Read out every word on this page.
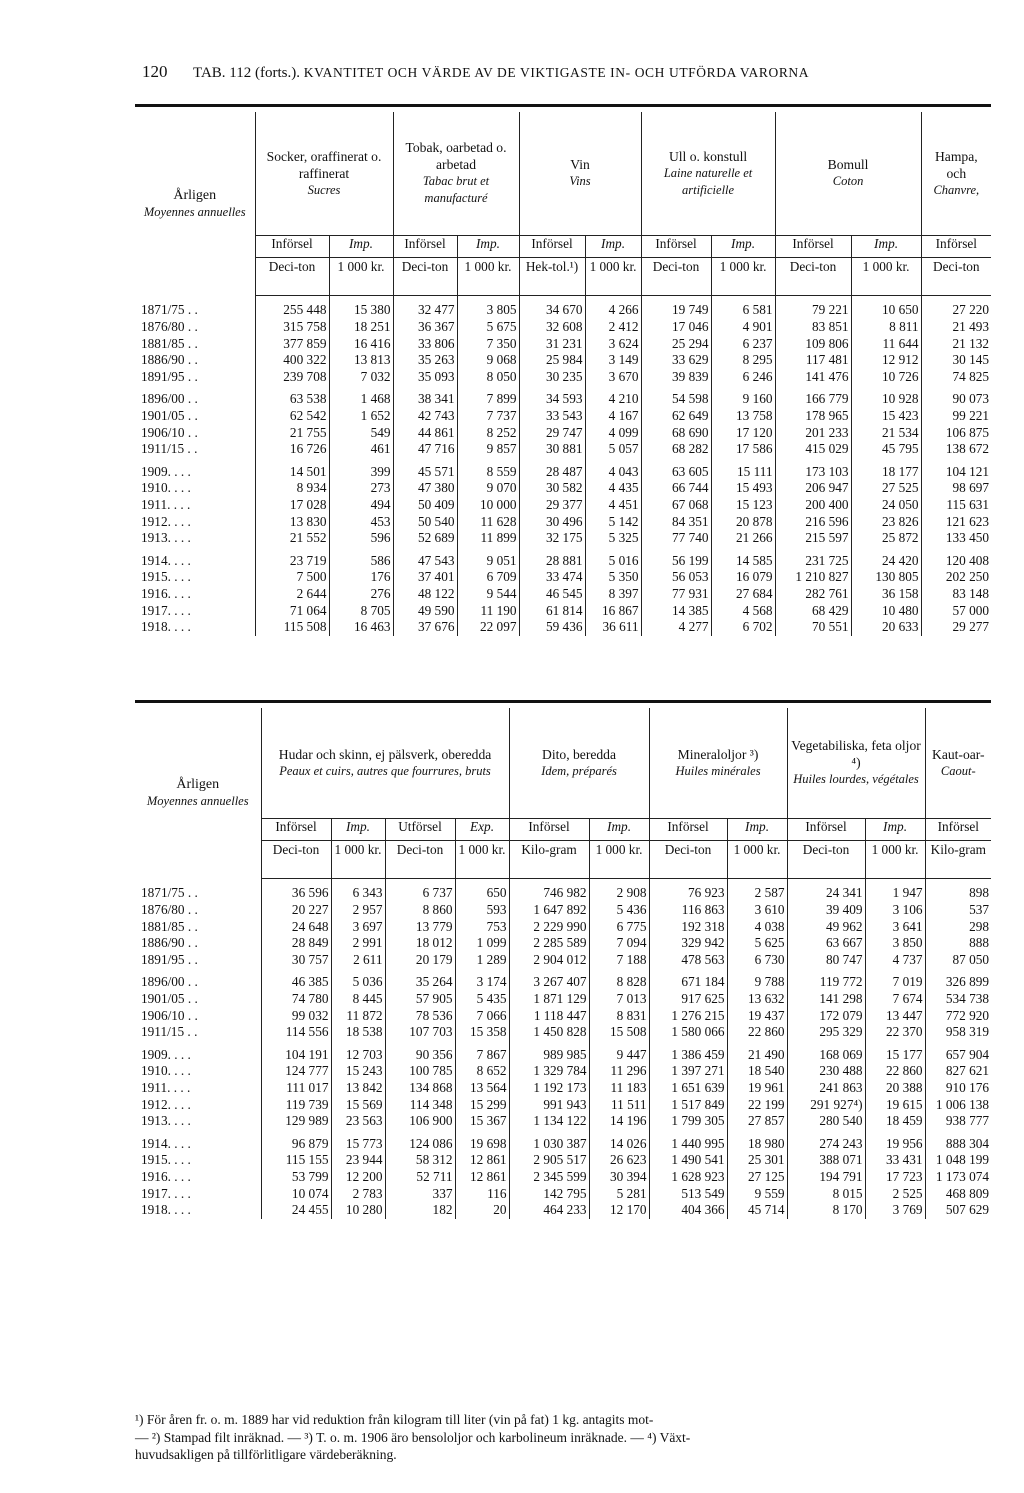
120 TAB. 112 (forts.). KVANTITET OCH VÄRDE AV DE VIKTIGASTE IN- OCH UTFÖRDA VARORNA
Årligen
Moyennes annuelles	Socker, oraffinerat o. raffinerat
Sucres		Tobak, oarbetad o. arbetad
Tabac brut et manufacturé		Vin
Vins		Ull o. konstull
Laine naturelle et artificielle		Bomull
Coton		Hampa, och
Chanvre,

	Införsel	Imp.	Införsel	Imp.	Införsel	Imp.	Införsel	Imp.	Införsel	Imp.	Införsel
	Deci-ton	1 000 kr.	Deci-ton	1 000 kr.	Hek-tol.¹)	1 000 kr.	Deci-ton	1 000 kr.	Deci-ton	1 000 kr.	Deci-ton
1871/75 . .	255 448	15 380	32 477	3 805	34 670	4 266	19 749	6 581	79 221	10 650	27 220
1876/80 . .	315 758	18 251	36 367	5 675	32 608	2 412	17 046	4 901	83 851	8 811	21 493
1881/85 . .	377 859	16 416	33 806	7 350	31 231	3 624	25 294	6 237	109 806	11 644	21 132
1886/90 . .	400 322	13 813	35 263	9 068	25 984	3 149	33 629	8 295	117 481	12 912	30 145
1891/95 . .	239 708	7 032	35 093	8 050	30 235	3 670	39 839	6 246	141 476	10 726	74 825

1896/00 . .	63 538	1 468	38 341	7 899	34 593	4 210	54 598	9 160	166 779	10 928	90 073
1901/05 . .	62 542	1 652	42 743	7 737	33 543	4 167	62 649	13 758	178 965	15 423	99 221
1906/10 . .	21 755	549	44 861	8 252	29 747	4 099	68 690	17 120	201 233	21 534	106 875
1911/15 . .	16 726	461	47 716	9 857	30 881	5 057	68 282	17 586	415 029	45 795	138 672

1909. . . .	14 501	399	45 571	8 559	28 487	4 043	63 605	15 111	173 103	18 177	104 121
1910. . . .	8 934	273	47 380	9 070	30 582	4 435	66 744	15 493	206 947	27 525	98 697
1911. . . .	17 028	494	50 409	10 000	29 377	4 451	67 068	15 123	200 400	24 050	115 631
1912. . . .	13 830	453	50 540	11 628	30 496	5 142	84 351	20 878	216 596	23 826	121 623
1913. . . .	21 552	596	52 689	11 899	32 175	5 325	77 740	21 266	215 597	25 872	133 450

1914. . . .	23 719	586	47 543	9 051	28 881	5 016	56 199	14 585	231 725	24 420	120 408
1915. . . .	7 500	176	37 401	6 709	33 474	5 350	56 053	16 079	1 210 827	130 805	202 250
1916. . . .	2 644	276	48 122	9 544	46 545	8 397	77 931	27 684	282 761	36 158	83 148
1917. . . .	71 064	8 705	49 590	11 190	61 814	16 867	14 385	4 568	68 429	10 480	57 000
1918. . . .	115 508	16 463	37 676	22 097	59 436	36 611	4 277	6 702	70 551	20 633	29 277
Årligen
Moyennes annuelles	Hudar och skinn, ej pälsverk, oberedda
Peaux et cuirs, autres que fourrures, bruts				Dito, beredda
Idem, préparés		Mineraloljor ³)
Huiles minérales		Vegetabiliska, feta oljor ⁴)
Huiles lourdes, végétales		Kaut-oar-
Caout-

	Införsel	Imp.	Utförsel	Exp.	Införsel	Imp.	Införsel	Imp.	Införsel	Imp.	Införsel
	Deci-ton	1 000 kr.	Deci-ton	1 000 kr.	Kilo-gram	1 000 kr.	Deci-ton	1 000 kr.	Deci-ton	1 000 kr.	Kilo-gram
1871/75 . .	36 596	6 343	6 737	650	746 982	2 908	76 923	2 587	24 341	1 947	898
1876/80 . .	20 227	2 957	8 860	593	1 647 892	5 436	116 863	3 610	39 409	3 106	537
1881/85 . .	24 648	3 697	13 779	753	2 229 990	6 775	192 318	4 038	49 962	3 641	298
1886/90 . .	28 849	2 991	18 012	1 099	2 285 589	7 094	329 942	5 625	63 667	3 850	888
1891/95 . .	30 757	2 611	20 179	1 289	2 904 012	7 188	478 563	6 730	80 747	4 737	87 050

1896/00 . .	46 385	5 036	35 264	3 174	3 267 407	8 828	671 184	9 788	119 772	7 019	326 899
1901/05 . .	74 780	8 445	57 905	5 435	1 871 129	7 013	917 625	13 632	141 298	7 674	534 738
1906/10 . .	99 032	11 872	78 536	7 066	1 118 447	8 831	1 276 215	19 437	172 079	13 447	772 920
1911/15 . .	114 556	18 538	107 703	15 358	1 450 828	15 508	1 580 066	22 860	295 329	22 370	958 319

1909. . . .	104 191	12 703	90 356	7 867	989 985	9 447	1 386 459	21 490	168 069	15 177	657 904
1910. . . .	124 777	15 243	100 785	8 652	1 329 784	11 296	1 397 271	18 540	230 488	22 860	827 621
1911. . . .	111 017	13 842	134 868	13 564	1 192 173	11 183	1 651 639	19 961	241 863	20 388	910 176
1912. . . .	119 739	15 569	114 348	15 299	991 943	11 511	1 517 849	22 199	291 927⁴)	19 615	1 006 138
1913. . . .	129 989	23 563	106 900	15 367	1 134 122	14 196	1 799 305	27 857	280 540	18 459	938 777

1914. . . .	96 879	15 773	124 086	19 698	1 030 387	14 026	1 440 995	18 980	274 243	19 956	888 304
1915. . . .	115 155	23 944	58 312	12 861	2 905 517	26 623	1 490 541	25 301	388 071	33 431	1 048 199
1916. . . .	53 799	12 200	52 711	12 861	2 345 599	30 394	1 628 923	27 125	194 791	17 723	1 173 074
1917. . . .	10 074	2 783	337	116	142 795	5 281	513 549	9 559	8 015	2 525	468 809
1918. . . .	24 455	10 280	182	20	464 233	12 170	404 366	45 714	8 170	3 769	507 629

¹) För åren fr. o. m. 1889 har vid reduktion från kilogram till liter (vin på fat) 1 kg. antagits mot-

— ²) Stampad filt inräknad. — ³) T. o. m. 1906 äro bensololjor och karbolineum inräknade. — ⁴) Växt-

huvudsakligen på tillförlitligare värdeberäkning.
